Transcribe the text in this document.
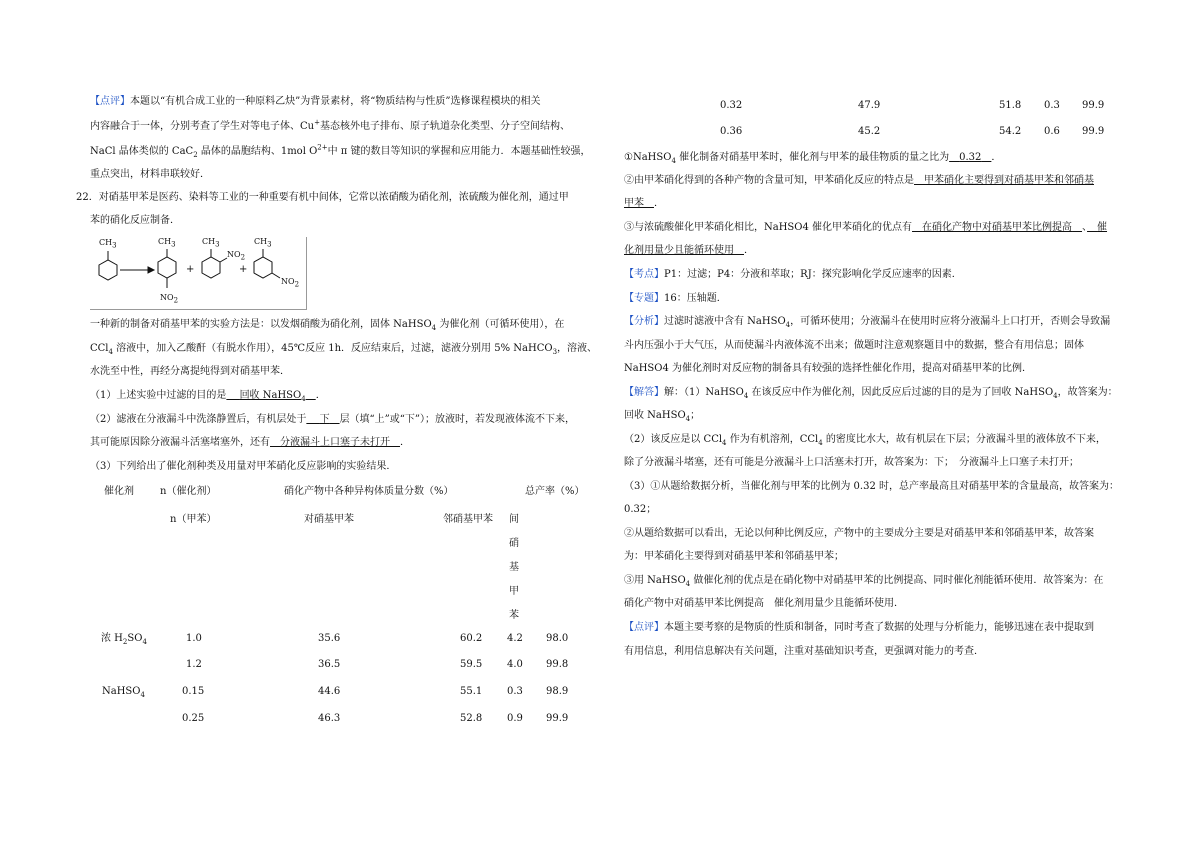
【点评】本题以“有机合成工业的一种原料乙炔”为背景素材，将“物质结构与性质”选修课程模块的相关
内容融合于一体，分别考查了学生对等电子体、Cu+基态核外电子排布、原子轨道杂化类型、分子空间结构、
NaCl 晶体类似的 CaC$_2$ 晶体的晶胞结构、1mol $O^{2+}$中 π 键的数目等知识的掌握和应用能力．本题基础性较强，
重点突出，材料串联较好．
22．对硝基甲苯是医药、染料等工业的一种重要有机中间体，它常以浓硝酸为硝化剂，浓硫酸为催化剂，通过甲
苯的硝化反应制备．
$CH_3$	$CH_3$
$NO_2$
+
$CH_3$
$NO_2$
+
$CH_3$
$NO_2$
一种新的制备对硝基甲苯的实验方法是：以发烟硝酸为硝化剂，固体 NaHSO$_4$ 为催化剂（可循环使用），在
CCl$_4$ 溶液中，加入乙酸酐（有脱水作用），45℃反应 1h．反应结束后，过滤，滤液分别用 5% NaHCO$_3$，溶液、
水洗至中性，再经分离提纯得到对硝基甲苯．
（1）上述实验中过滤的目的是　 回收 NaHSO$_4$　 ．
（2）滤液在分液漏斗中洗涤静置后，有机层处于　 下　 层（填“上”或“下”）；放液时，若发现液体流不下来，
其可能原因除分液漏斗活塞堵塞外，还有　 分液漏斗上口塞子未打开　 ．
（3）下列给出了催化剂种类及用量对甲苯硝化反应影响的实验结果．
催化剂	n（催化剂）	硝化产物中各种异构体质量分数（%）	总产率（%）
n（甲苯）	对硝基甲苯	邻硝基甲苯 间
硝
基
甲
苯
浓 $H_2SO_4$	1.0	35.6	60.2 4.2 98.0
1.2	36.5	59.5 4.0 99.8
NaHSO$_4$	0.15	44.6	55.1 0.3 98.9
0.25	46.3	52.8 0.9 99.9
0.32	47.9	51.8 0.3 99.9
0.36	45.2	54.2 0.6 99.9
①NaHSO$_4$ 催化制备对硝基甲苯时，催化剂与甲苯的最佳物质的量之比为　 0.32　 ．
②由甲苯硝化得到的各种产物的含量可知，甲苯硝化反应的特点是　 甲苯硝化主要得到对硝基甲苯和邻硝基
甲苯　 ．
③与浓硫酸催化甲苯硝化相比，NaHSO4 催化甲苯硝化的优点有　 在硝化产物中对硝基甲苯比例提高　 、　 催
化剂用量少且能循环使用　 ．
【考点】P1：过滤；P4：分液和萃取；RJ：探究影响化学反应速率的因素．
【专题】16：压轴题．
【分析】过滤时滤液中含有 NaHSO$_4$，可循环使用；分液漏斗在使用时应将分液漏斗上口打开，否则会导致漏
斗内压强小于大气压，从而使漏斗内液体流不出来；做题时注意观察题目中的数据，整合有用信息；固体
NaHSO4 为催化剂时对反应物的制备具有较强的选择性催化作用，提高对硝基甲苯的比例．
【解答】解：（1）NaHSO$_4$ 在该反应中作为催化剂，因此反应后过滤的目的是为了回收 NaHSO$_4$，故答案为：
回收 NaHSO$_4$；
（2）该反应是以 CCl$_4$ 作为有机溶剂，CCl$_4$ 的密度比水大，故有机层在下层；分液漏斗里的液体放不下来，
除了分液漏斗堵塞，还有可能是分液漏斗上口活塞未打开，故答案为：下；　分液漏斗上口塞子未打开；
（3）①从题给数据分析，当催化剂与甲苯的比例为 0.32 时，总产率最高且对硝基甲苯的含量最高，故答案为：
0.32；
②从题给数据可以看出，无论以何种比例反应，产物中的主要成分主要是对硝基甲苯和邻硝基甲苯，故答案
为：甲苯硝化主要得到对硝基甲苯和邻硝基甲苯；
③用 NaHSO$_4$ 做催化剂的优点是在硝化物中对硝基甲苯的比例提高、同时催化剂能循环使用．故答案为：在
硝化产物中对硝基甲苯比例提高　催化剂用量少且能循环使用．
【点评】本题主要考察的是物质的性质和制备，同时考查了数据的处理与分析能力，能够迅速在表中提取到
有用信息，利用信息解决有关问题，注重对基础知识考查，更强调对能力的考查．
